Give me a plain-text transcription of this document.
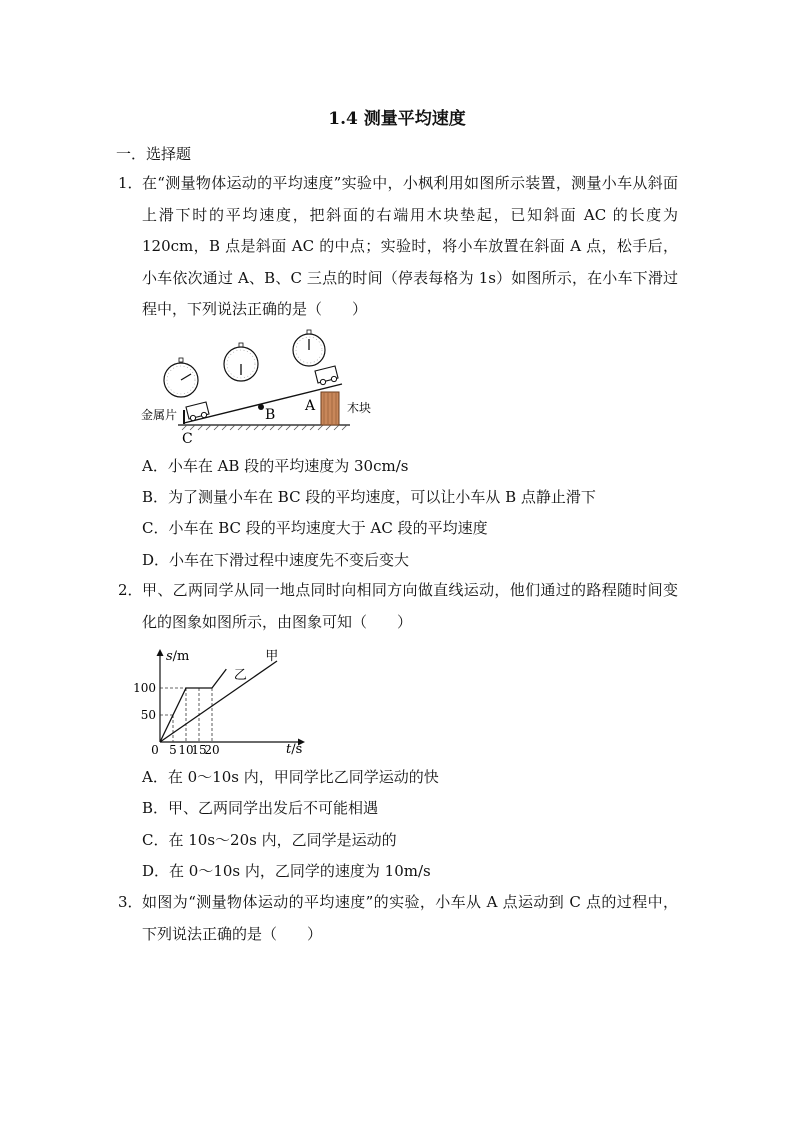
1.4 测量平均速度
一．选择题
1． 在“测量物体运动的平均速度”实验中，小枫利用如图所示装置，测量小车从斜面上滑下时的平均速度，把斜面的右端用木块垫起，已知斜面 AC 的长度为 120cm，B 点是斜面 AC 的中点；实验时，将小车放置在斜面 A 点，松手后，小车依次通过 A、B、C 三点的时间（停表每格为 1s）如图所示，在小车下滑过程中，下列说法正确的是（　　）
金属片	木块
A
B
C
A．小车在 AB 段的平均速度为 30cm/s
B．为了测量小车在 BC 段的平均速度，可以让小车从 B 点静止滑下
C．小车在 BC 段的平均速度大于 AC 段的平均速度
D．小车在下滑过程中速度先不变后变大
2． 甲、乙两同学从同一地点同时向相同方向做直线运动，他们通过的路程随时间变化的图象如图所示，由图象可知（　　）
s/m
t/s
0 5 10
15
20
50
100
甲
乙
A．在 0～10s 内，甲同学比乙同学运动的快
B．甲、乙两同学出发后不可能相遇
C．在 10s～20s 内，乙同学是运动的
D．在 0～10s 内，乙同学的速度为 10m/s
3． 如图为“测量物体运动的平均速度”的实验，小车从 A 点运动到 C 点的过程中，下列说法正确的是（　　）
